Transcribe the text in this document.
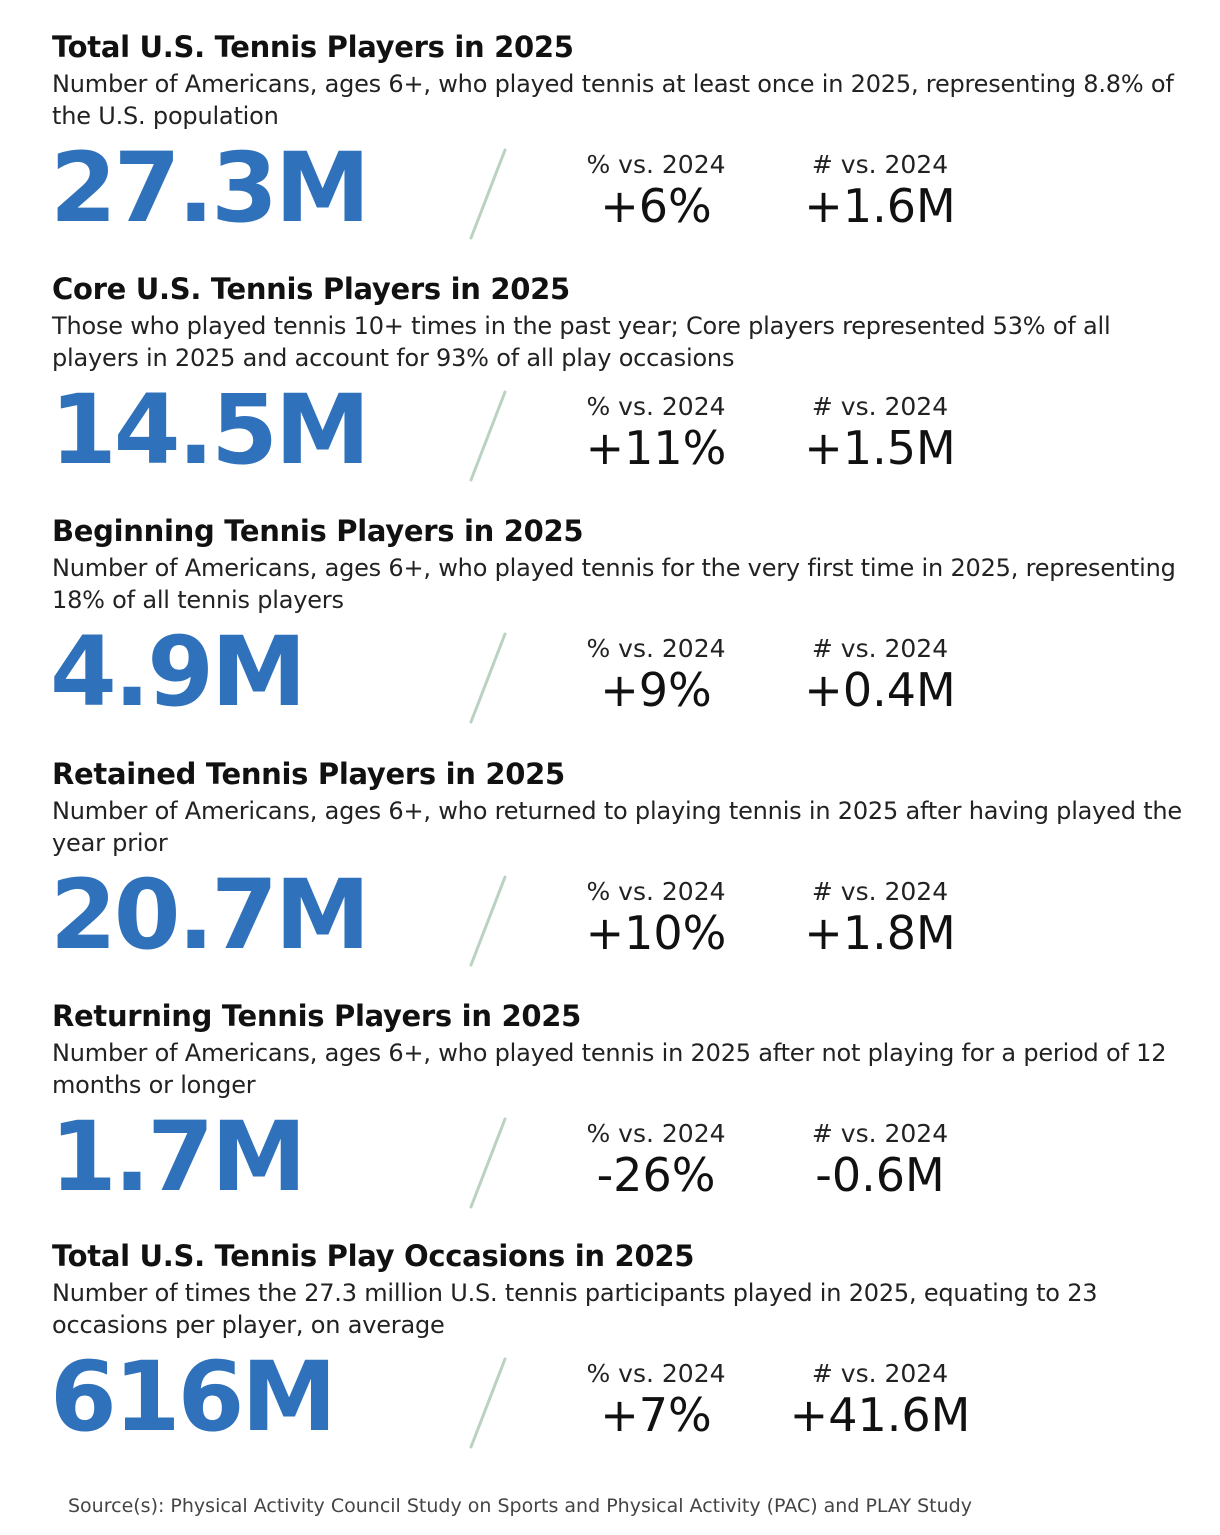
Total U.S. Tennis Players in 2025

Number of Americans, ages 6+, who played tennis at least once in 2025, representing 8.8% of the U.S. population

27.3M	% vs. 2024
+6%
# vs. 2024
+1.6M
Core U.S. Tennis Players in 2025

Those who played tennis 10+ times in the past year; Core players represented 53% of all players in 2025 and account for 93% of all play occasions

14.5M	% vs. 2024
+11%
# vs. 2024
+1.5M
Beginning Tennis Players in 2025

Number of Americans, ages 6+, who played tennis for the very first time in 2025, representing 18% of all tennis players

4.9M	% vs. 2024
+9%
# vs. 2024
+0.4M
Retained Tennis Players in 2025

Number of Americans, ages 6+, who returned to playing tennis in 2025 after having played the year prior

20.7M	% vs. 2024
+10%
# vs. 2024
+1.8M
Returning Tennis Players in 2025

Number of Americans, ages 6+, who played tennis in 2025 after not playing for a period of 12 months or longer

1.7M	% vs. 2024
-26%
# vs. 2024
-0.6M
Total U.S. Tennis Play Occasions in 2025

Number of times the 27.3 million U.S. tennis participants played in 2025, equating to 23 occasions per player, on average

616M	% vs. 2024
+7%
# vs. 2024
+41.6M
Source(s): Physical Activity Council Study on Sports and Physical Activity (PAC) and PLAY Study
